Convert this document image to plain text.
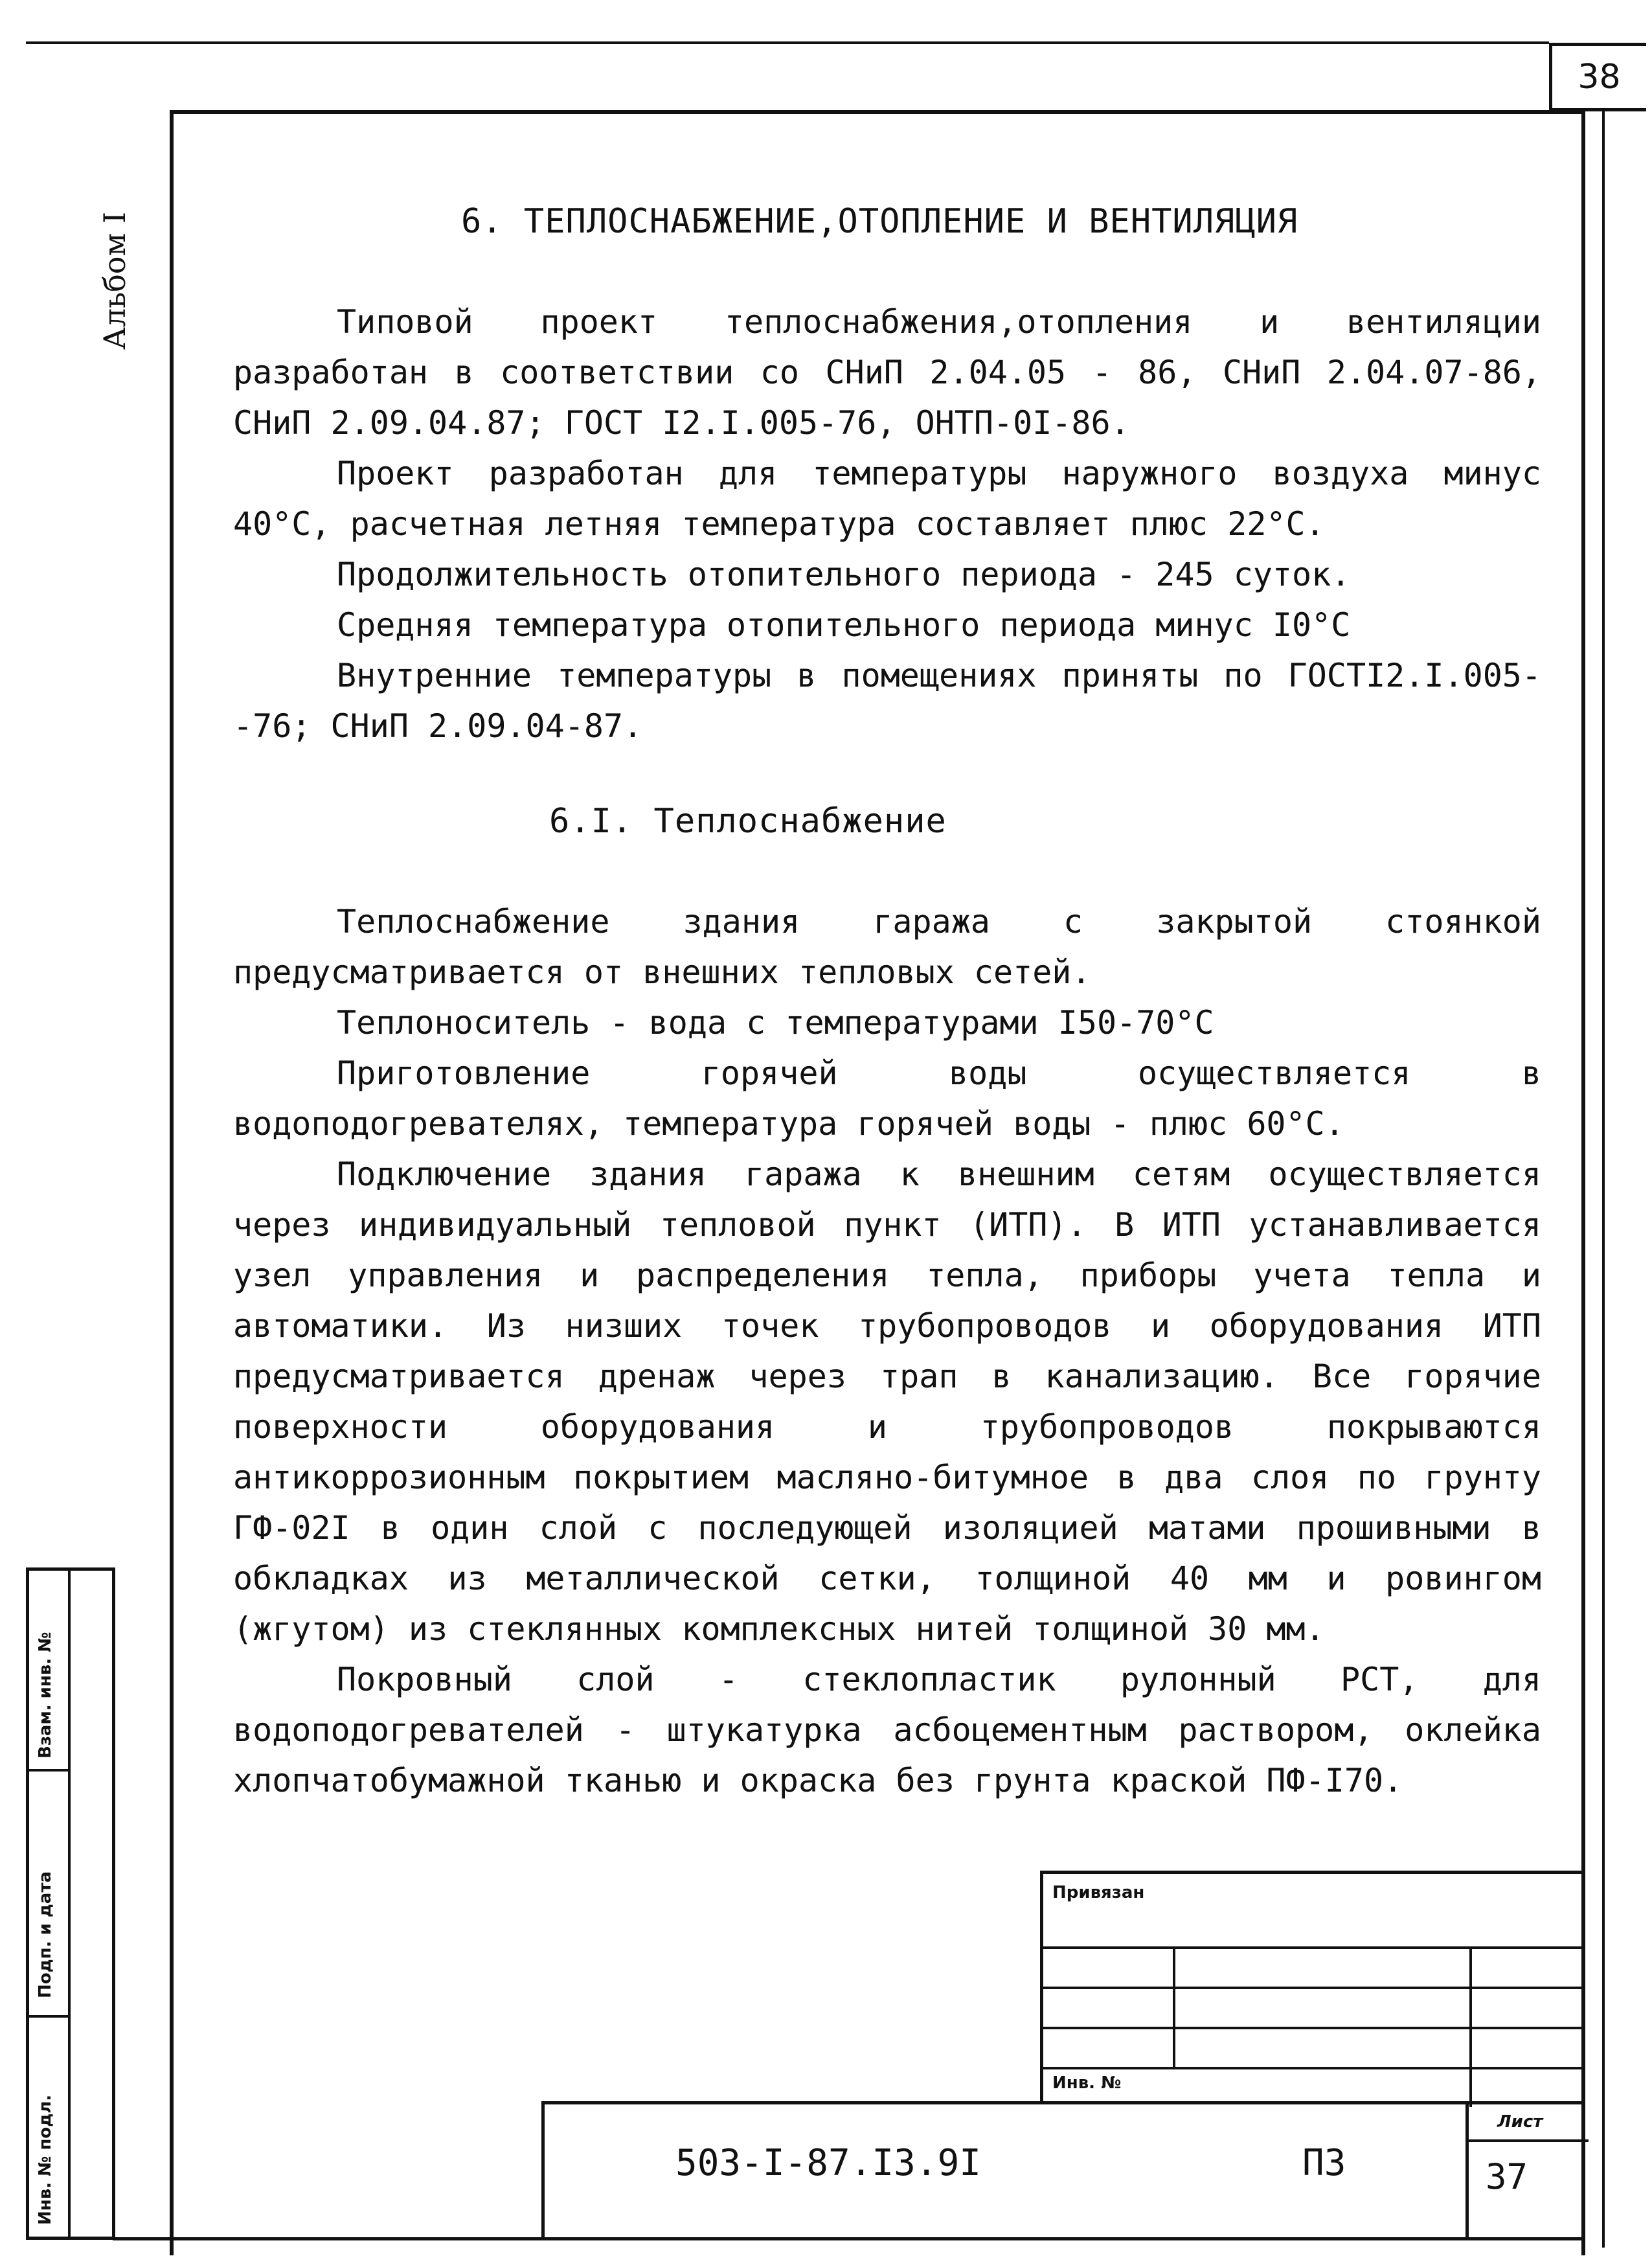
38
Альбом I	6. ТЕПЛОСНАБЖЕНИЕ,ОТОПЛЕНИЕ И ВЕНТИЛЯЦИЯ

Типовой проект теплоснабжения,отопления и вентиляции разработан в соответствии со СНиП 2.04.05 - 86, СНиП 2.04.07-86, СНиП 2.09.04.87; ГОСТ I2.I.005-76, ОНТП-0I-86.

Проект разработан для температуры наружного воздуха минус 40°С, расчетная летняя температура составляет плюс 22°С.

Продолжительность отопительного периода - 245 суток.

Средняя температура отопительного периода минус I0°С

Внутренние температуры в помещениях приняты по ГОСТI2.I.005--76; СНиП 2.09.04-87.

6.I. Теплоснабжение

Теплоснабжение здания гаража с закрытой стоянкой предусматривается от внешних тепловых сетей.

Теплоноситель - вода с температурами I50-70°С

Приготовление горячей воды осуществляется в водоподогревателях, температура горячей воды - плюс 60°С.

Подключение здания гаража к внешним сетям осуществляется через индивидуальный тепловой пункт (ИТП). В ИТП устанавливается узел управления и распределения тепла, приборы учета тепла и автоматики. Из низших точек трубопроводов и оборудования ИТП предусматривается дренаж через трап в канализацию. Все горячие поверхности оборудования и трубопроводов покрываются антикоррозионным покрытием масляно-битумное в два слоя по грунту ГФ-02I в один слой с последующей изоляцией матами прошивными в обкладках из металлической сетки, толщиной 40 мм и ровингом (жгутом) из стеклянных комплексных нитей толщиной 30 мм.

Покровный слой - стеклопластик рулонный РСТ, для водоподогревателей - штукатурка асбоцементным раствором, оклейка хлопчатобумажной тканью и окраска без грунта краской ПФ-I70.

Взам. инв. №
Подп. и дата
Инв. № подл.
Привязан
Инв. №
503-I-87.I3.9I	ПЗ
Лист
37
